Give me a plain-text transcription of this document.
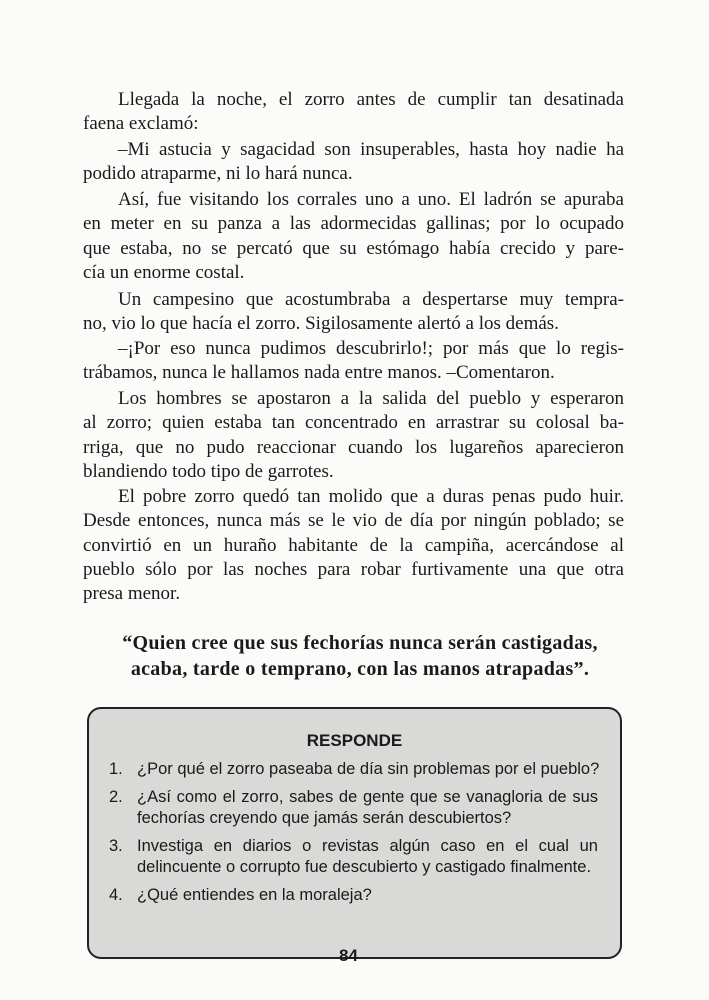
Llegada la noche, el zorro antes de cumplir tan desatinada
faena exclamó:
–Mi astucia y sagacidad son insuperables, hasta hoy nadie ha
podido atraparme, ni lo hará nunca.
Así, fue visitando los corrales uno a uno. El ladrón se apuraba
en meter en su panza a las adormecidas gallinas; por lo ocupado
que estaba, no se percató que su estómago había crecido y pare-
cía un enorme costal.
Un campesino que acostumbraba a despertarse muy tempra-
no, vio lo que hacía el zorro. Sigilosamente alertó a los demás.
–¡Por eso nunca pudimos descubrirlo!; por más que lo regis-
trábamos, nunca le hallamos nada entre manos. –Comentaron.
Los hombres se apostaron a la salida del pueblo y esperaron
al zorro; quien estaba tan concentrado en arrastrar su colosal ba-
rriga, que no pudo reaccionar cuando los lugareños aparecieron
blandiendo todo tipo de garrotes.
El pobre zorro quedó tan molido que a duras penas pudo huir.
Desde entonces, nunca más se le vio de día por ningún poblado; se
convirtió en un huraño habitante de la campiña, acercándose al
pueblo sólo por las noches para robar furtivamente una que otra
presa menor.
“Quien cree que sus fechorías nunca serán castigadas,
acaba, tarde o temprano, con las manos atrapadas”.
RESPONDE
1. ¿Por qué el zorro paseaba de día sin problemas por el pueblo?
2. ¿Así como el zorro, sabes de gente que se vanagloria de sus
fechorías creyendo que jamás serán descubiertos?
3. Investiga en diarios o revistas algún caso en el cual un
delincuente o corrupto fue descubierto y castigado finalmente.
4. ¿Qué entiendes en la moraleja?
84
